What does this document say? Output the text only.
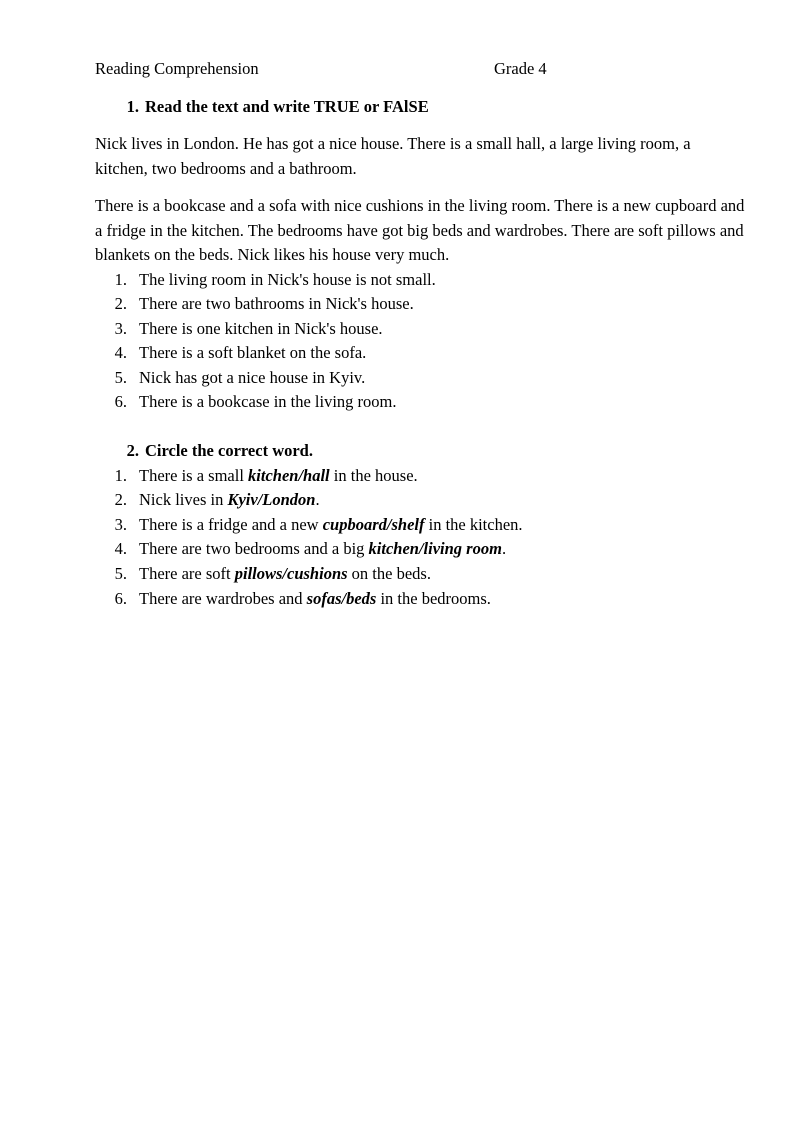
Reading Comprehension	Grade 4

1. Read the text and write TRUE or FAlSE

Nick lives in London. He has got a nice house. There is a small hall, a large living room, a kitchen, two bedrooms and a bathroom.

There is a bookcase and a sofa with nice cushions in the living room. There is a new cupboard and a fridge in the kitchen. The bedrooms have got big beds and wardrobes. There are soft pillows and blankets on the beds. Nick likes his house very much.

1. The living room in Nick's house is not small.
2. There are two bathrooms in Nick's house.
3. There is one kitchen in Nick's house.
4. There is a soft blanket on the sofa.
5. Nick has got a nice house in Kyiv.
6. There is a bookcase in the living room.

2. Circle the correct word.

1. There is a small kitchen/hall in the house.
2. Nick lives in Kyiv/London.
3. There is a fridge and a new cupboard/shelf in the kitchen.
4. There are two bedrooms and a big kitchen/living room.
5. There are soft pillows/cushions on the beds.
6. There are wardrobes and sofas/beds in the bedrooms.
